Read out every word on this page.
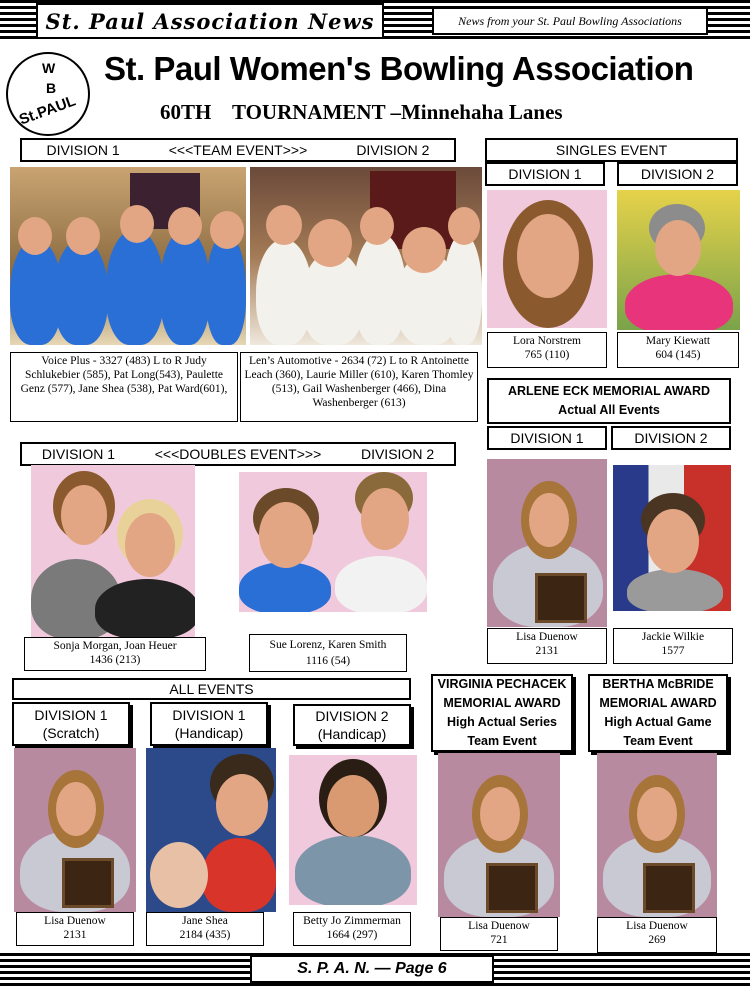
St. Paul Association News	News from your St. Paul Bowling Associations
W
B
St.PAUL
St. Paul Women's Bowling Association
60TH    TOURNAMENT –Minnehaha Lanes
DIVISION 1	<<<TEAM EVENT>>>	DIVISION 2
Voice Plus - 3327 (483) L to R Judy Schlukebier (585), Pat Long(543), Paulette Genz (577), Jane Shea (538), Pat Ward(601),
Len’s Automotive - 2634 (72) L to R Antoinette Leach (360), Laurie Miller (610), Karen Thomley (513), Gail Washenberger (466), Dina Washenberger (613)
SINGLES EVENT
DIVISION 1	DIVISION 2
Lora Norstrem
765 (110)
Mary Kiewatt
604 (145)
ARLENE ECK MEMORIAL AWARD
Actual All Events
DIVISION 1	DIVISION 2
Lisa Duenow
2131
Jackie Wilkie
1577
DIVISION 1	<<<DOUBLES EVENT>>>	DIVISION 2
Sonja Morgan, Joan Heuer
1436 (213)
Sue Lorenz, Karen Smith
1116 (54)
ALL EVENTS
DIVISION 1
(Scratch)
DIVISION 1
(Handicap)
DIVISION 2
(Handicap)
Lisa Duenow
2131
Jane Shea
2184 (435)
Betty Jo Zimmerman
1664 (297)
VIRGINIA PECHACEK
MEMORIAL AWARD
High Actual Series
Team Event
Lisa Duenow
721
BERTHA McBRIDE
MEMORIAL AWARD
High Actual Game
Team Event
Lisa Duenow
269
S. P. A. N. — Page 6
